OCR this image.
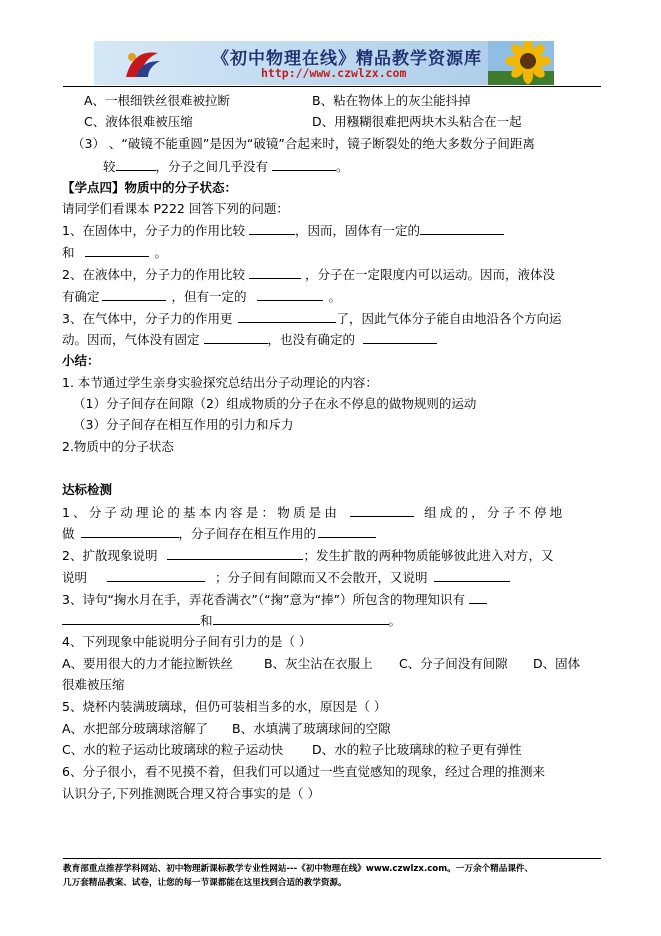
《初中物理在线》精品教学资源库
http://www.czwlzx.com
A、一根细铁丝很难被拉断	B、粘在物体上的灰尘能抖掉
C、液体很难被压缩	D、用糨糊很难把两块木头粘合在一起
（3） 、“破镜不能重圆”是因为“破镜”合起来时，镜子断裂处的绝大多数分子间距离
较	，分子之间几乎没有	。
【学点四】物质中的分子状态：
请同学们看课本 P222 回答下列的问题：
1、在固体中，分子力的作用比较	，因而，固体有一定的
和	。
2、在液体中，分子力的作用比较	，分子在一定限度内可以运动。因而，液体没
有确定	，但有一定的	。
3、在气体中，分子力的作用更	了，因此气体分子能自由地沿各个方向运
动。因而，气体没有固定	，也没有确定的
小结：
1. 本节通过学生亲身实验探究总结出分子动理论的内容：
（1）分子间存在间隙（2）组成物质的分子在永不停息的做物规则的运动
（3）分子间存在相互作用的引力和斥力
2.物质中的分子状态
达标检测
1、分子动理论的基本内容是：物质是由	组成的，分子不停地
做	，分子间存在相互作用的
2、扩散现象说明	；发生扩散的两种物质能够彼此进入对方，又
说明	；分子间有间隙而又不会散开，又说明
3、诗句“掬水月在手，弄花香满衣”（“掬”意为“捧”）所包含的物理知识有
和	。
4、下列现象中能说明分子间有引力的是（ ）
A、要用很大的力才能拉断铁丝 B、灰尘沾在衣服上 C、分子间没有间隙 D、固体
很难被压缩
5、烧杯内装满玻璃球，但仍可装相当多的水，原因是（ ）
A、水把部分玻璃球溶解了 B、水填满了玻璃球间的空隙
C、水的粒子运动比玻璃球的粒子运动快 D、水的粒子比玻璃球的粒子更有弹性
6、分子很小，看不见摸不着，但我们可以通过一些直觉感知的现象，经过合理的推测来
认识分子,下列推测既合理又符合事实的是（ ）
教育部重点推荐学科网站、初中物理新课标教学专业性网站---《初中物理在线》www.czwlzx.com。一万余个精品课件、
几万套精品教案、试卷，让您的每一节课都能在这里找到合适的教学资源。
